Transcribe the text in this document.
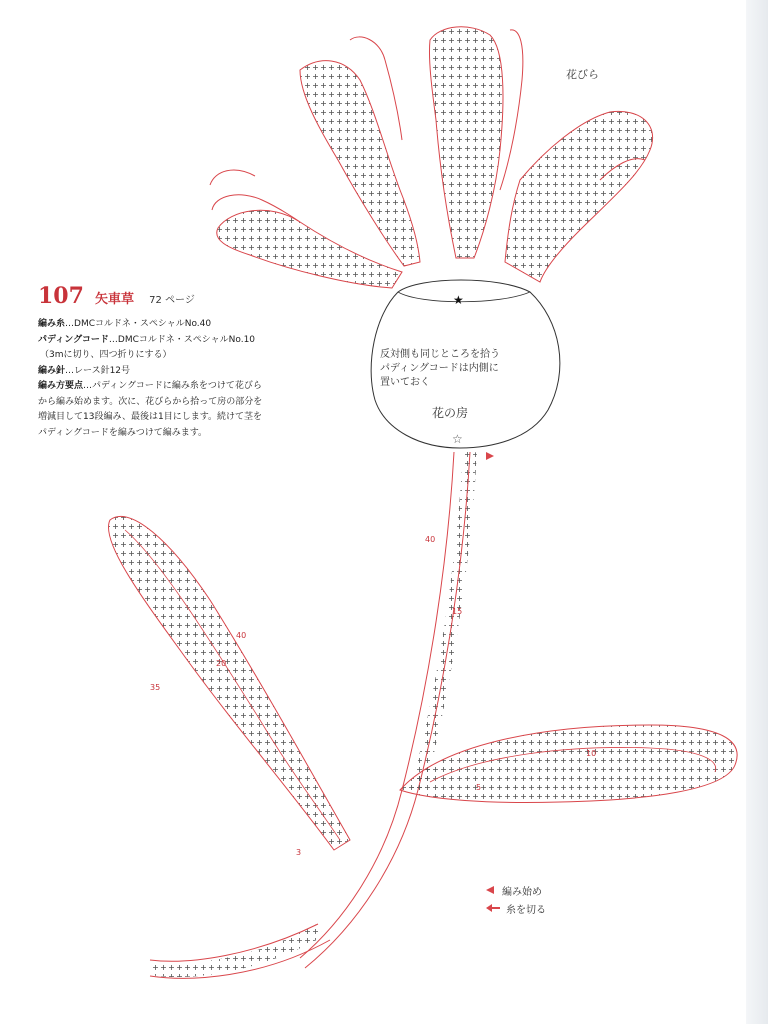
107 矢車草 72 ページ
編み糸…DMCコルドネ・スペシャルNo.40
パディングコード…DMCコルドネ・スペシャルNo.10
（3mに切り、四つ折りにする）
編み針…レース針12号
編み方要点…パディングコードに編み糸をつけて花びら
から編み始めます。次に、花びらから拾って房の部分を
増減目して13段編み、最後は1目にします。続けて茎を
パディングコードを編みつけて編みます。
★
☆
40
15
40
35
20
3
10
5
花びら
反対側も同じところを拾う
パディングコードは内側に
置いておく
花の房
編み始め
糸を切る
